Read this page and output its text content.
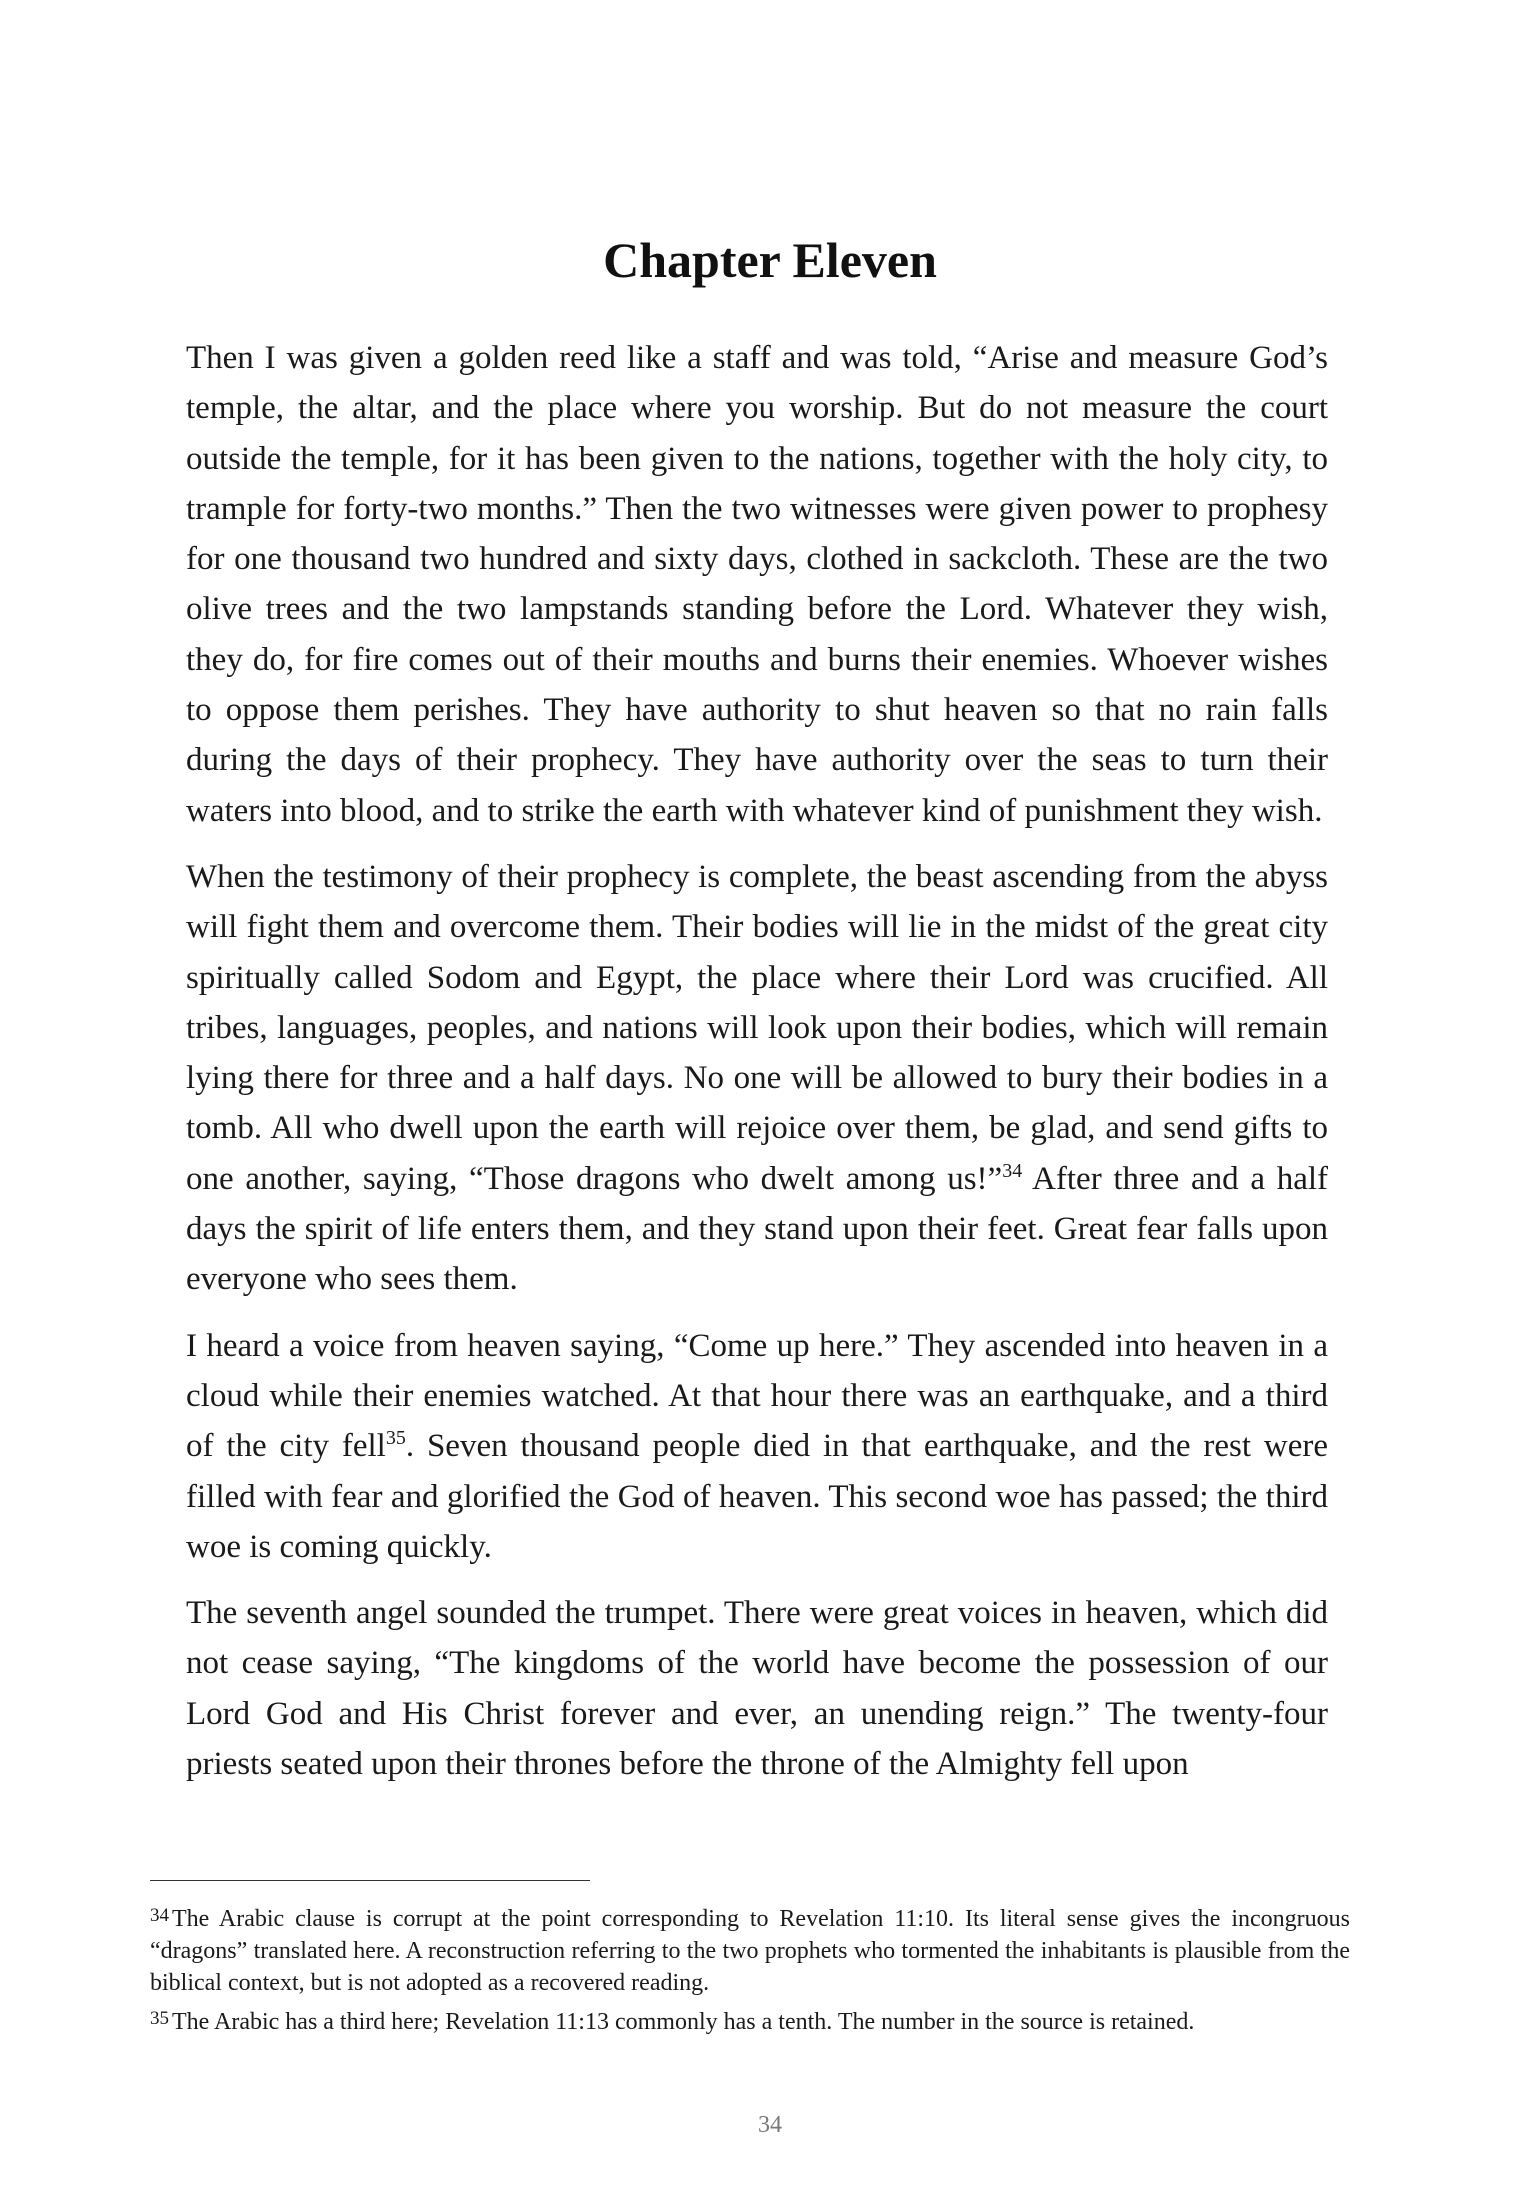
Chapter Eleven

Then I was given a golden reed like a staff and was told, “Arise and measure God’s temple, the altar, and the place where you worship. But do not measure the court outside the temple, for it has been given to the nations, together with the holy city, to trample for forty-two months.” Then the two witnesses were given power to prophesy for one thousand two hundred and sixty days, clothed in sackcloth. These are the two olive trees and the two lampstands standing before the Lord. Whatever they wish, they do, for fire comes out of their mouths and burns their enemies. Whoever wishes to oppose them perishes. They have authority to shut heaven so that no rain falls during the days of their prophecy. They have authority over the seas to turn their waters into blood, and to strike the earth with whatever kind of punishment they wish.

When the testimony of their prophecy is complete, the beast ascending from the abyss will fight them and overcome them. Their bodies will lie in the midst of the great city spiritually called Sodom and Egypt, the place where their Lord was crucified. All tribes, languages, peoples, and nations will look upon their bodies, which will remain lying there for three and a half days. No one will be allowed to bury their bodies in a tomb. All who dwell upon the earth will rejoice over them, be glad, and send gifts to one another, saying, “Those dragons who dwelt among us!”$^{34}$ After three and a half days the spirit of life enters them, and they stand upon their feet. Great fear falls upon everyone who sees them.

I heard a voice from heaven saying, “Come up here.” They ascended into heaven in a cloud while their enemies watched. At that hour there was an earthquake, and a third of the city fell$^{35}$. Seven thousand people died in that earthquake, and the rest were filled with fear and glorified the God of heaven. This second woe has passed; the third woe is coming quickly.

The seventh angel sounded the trumpet. There were great voices in heaven, which did not cease saying, “The kingdoms of the world have become the possession of our Lord God and His Christ forever and ever, an unending reign.” The twenty-four priests seated upon their thrones before the throne of the Almighty fell upon

$^{34}$ The Arabic clause is corrupt at the point corresponding to Revelation 11:10. Its literal sense gives the incongruous “dragons” translated here. A reconstruction referring to the two prophets who tormented the inhabitants is plausible from the biblical context, but is not adopted as a recovered reading.

$^{35}$ The Arabic has a third here; Revelation 11:13 commonly has a tenth. The number in the source is retained.

34
